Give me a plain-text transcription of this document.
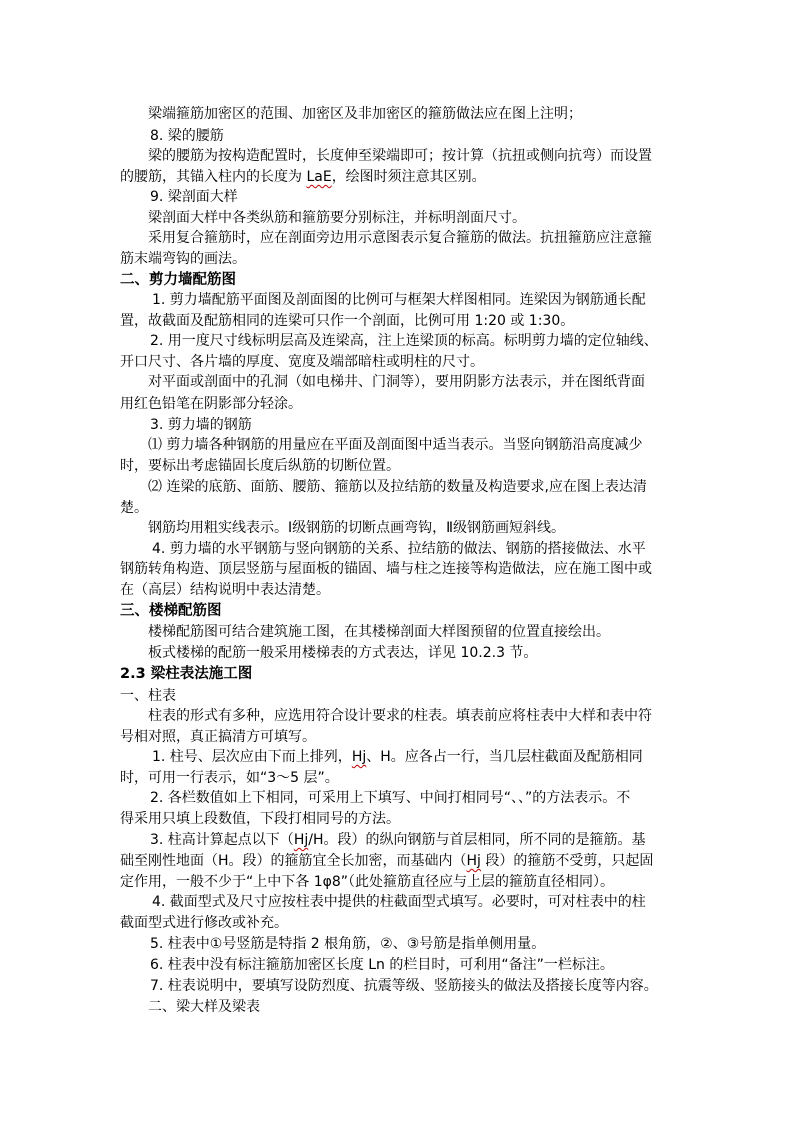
梁端箍筋加密区的范围、加密区及非加密区的箍筋做法应在图上注明；
8. 梁的腰筋
梁的腰筋为按构造配置时，长度伸至梁端即可；按计算（抗扭或侧向抗弯）而设置
的腰筋，其锚入柱内的长度为 LaE，绘图时须注意其区别。
9. 梁剖面大样
梁剖面大样中各类纵筋和箍筋要分别标注，并标明剖面尺寸。
采用复合箍筋时，应在剖面旁边用示意图表示复合箍筋的做法。抗扭箍筋应注意箍
筋末端弯钩的画法。
二、剪力墙配筋图
1. 剪力墙配筋平面图及剖面图的比例可与框架大样图相同。连梁因为钢筋通长配
置，故截面及配筋相同的连梁可只作一个剖面，比例可用 1:20 或 1:30。
2. 用一度尺寸线标明层高及连梁高，注上连梁顶的标高。标明剪力墙的定位轴线、
开口尺寸、各片墙的厚度、宽度及端部暗柱或明柱的尺寸。
对平面或剖面中的孔洞（如电梯井、门洞等），要用阴影方法表示，并在图纸背面
用红色铅笔在阴影部分轻涂。
3. 剪力墙的钢筋
⑴ 剪力墙各种钢筋的用量应在平面及剖面图中适当表示。当竖向钢筋沿高度减少
时，要标出考虑锚固长度后纵筋的切断位置。
⑵ 连梁的底筋、面筋、腰筋、箍筋以及拉结筋的数量及构造要求,应在图上表达清
楚。
钢筋均用粗实线表示。Ⅰ级钢筋的切断点画弯钩，Ⅱ级钢筋画短斜线。
4. 剪力墙的水平钢筋与竖向钢筋的关系、拉结筋的做法、钢筋的搭接做法、水平
钢筋转角构造、顶层竖筋与屋面板的锚固、墙与柱之连接等构造做法，应在施工图中或
在（高层）结构说明中表达清楚。
三、楼梯配筋图
楼梯配筋图可结合建筑施工图，在其楼梯剖面大样图预留的位置直接绘出。
板式楼梯的配筋一般采用楼梯表的方式表达，详见 10.2.3 节。
2.3 梁柱表法施工图
一、柱表
柱表的形式有多种，应选用符合设计要求的柱表。填表前应将柱表中大样和表中符
号相对照，真正搞清方可填写。
1. 柱号、层次应由下而上排列，Hj、H。应各占一行，当几层柱截面及配筋相同
时，可用一行表示，如“3～5 层”。
2. 各栏数值如上下相同，可采用上下填写、中间打相同号“、、”的方法表示。不
得采用只填上段数值，下段打相同号的方法。
3. 柱高计算起点以下（Hj/H。段）的纵向钢筋与首层相同，所不同的是箍筋。基
础至刚性地面（H。段）的箍筋宜全长加密，而基础内（Hj 段）的箍筋不受剪，只起固
定作用，一般不少于“上中下各 1φ8”（此处箍筋直径应与上层的箍筋直径相同）。
4. 截面型式及尺寸应按柱表中提供的柱截面型式填写。必要时，可对柱表中的柱
截面型式进行修改或补充。
5. 柱表中①号竖筋是特指 2 根角筋，②、③号筋是指单侧用量。
6. 柱表中没有标注箍筋加密区长度 Ln 的栏目时，可利用“备注”一栏标注。
7. 柱表说明中，要填写设防烈度、抗震等级、竖筋接头的做法及搭接长度等内容。
二、梁大样及梁表
